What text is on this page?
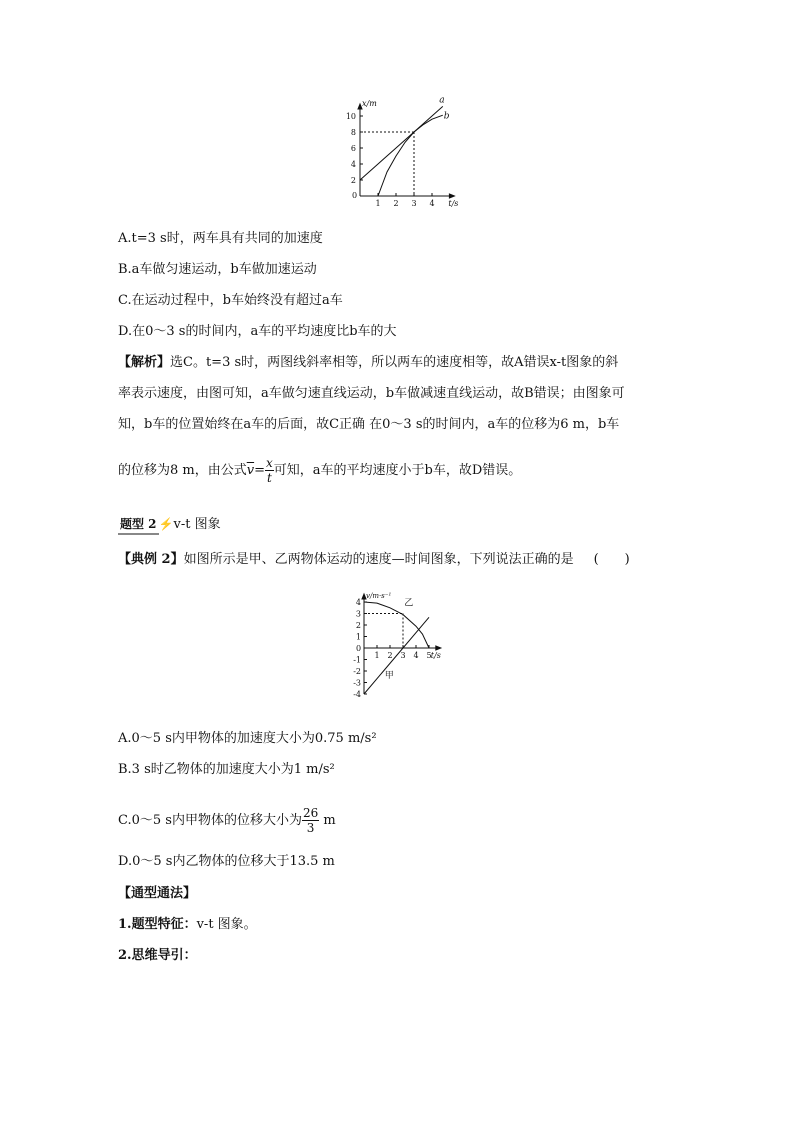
x/m
t/s
0
2
4
6
8
10
1 2 3 4
a
b
A.t=3 s时，两车具有共同的加速度
B.a车做匀速运动，b车做加速运动
C.在运动过程中，b车始终没有超过a车
D.在0～3 s的时间内，a车的平均速度比b车的大
【解析】选C。t=3 s时，两图线斜率相等，所以两车的速度相等，故A错误x-t图象的斜
率表示速度，由图可知，a车做匀速直线运动，b车做减速直线运动，故B错误；由图象可
知，b车的位置始终在a车的后面，故C正确 在0～3 s的时间内，a车的位移为6 m，b车
的位移为8 m，由公式$\overline{v}= \frac{x}{t}$ 可知，a车的平均速度小于b车，故D错误。
题型 2 ⚡v-t 图象
【典例 2】如图所示是甲、乙两物体运动的速度—时间图象，下列说法正确的是 (　　)
v/m·s⁻¹
t/s
0
1
2
3
4
-1
-2
-3
-4
1 2 3 4 5
乙
甲
A.0～5 s内甲物体的加速度大小为0.75 m/s²
B.3 s时乙物体的加速度大小为1 m/s²
C.0～5 s内甲物体的位移大小为 $\frac{26}{3}$ m
D.0～5 s内乙物体的位移大于13.5 m
【通型通法】
1.题型特征：v-t 图象。
2.思维导引：
